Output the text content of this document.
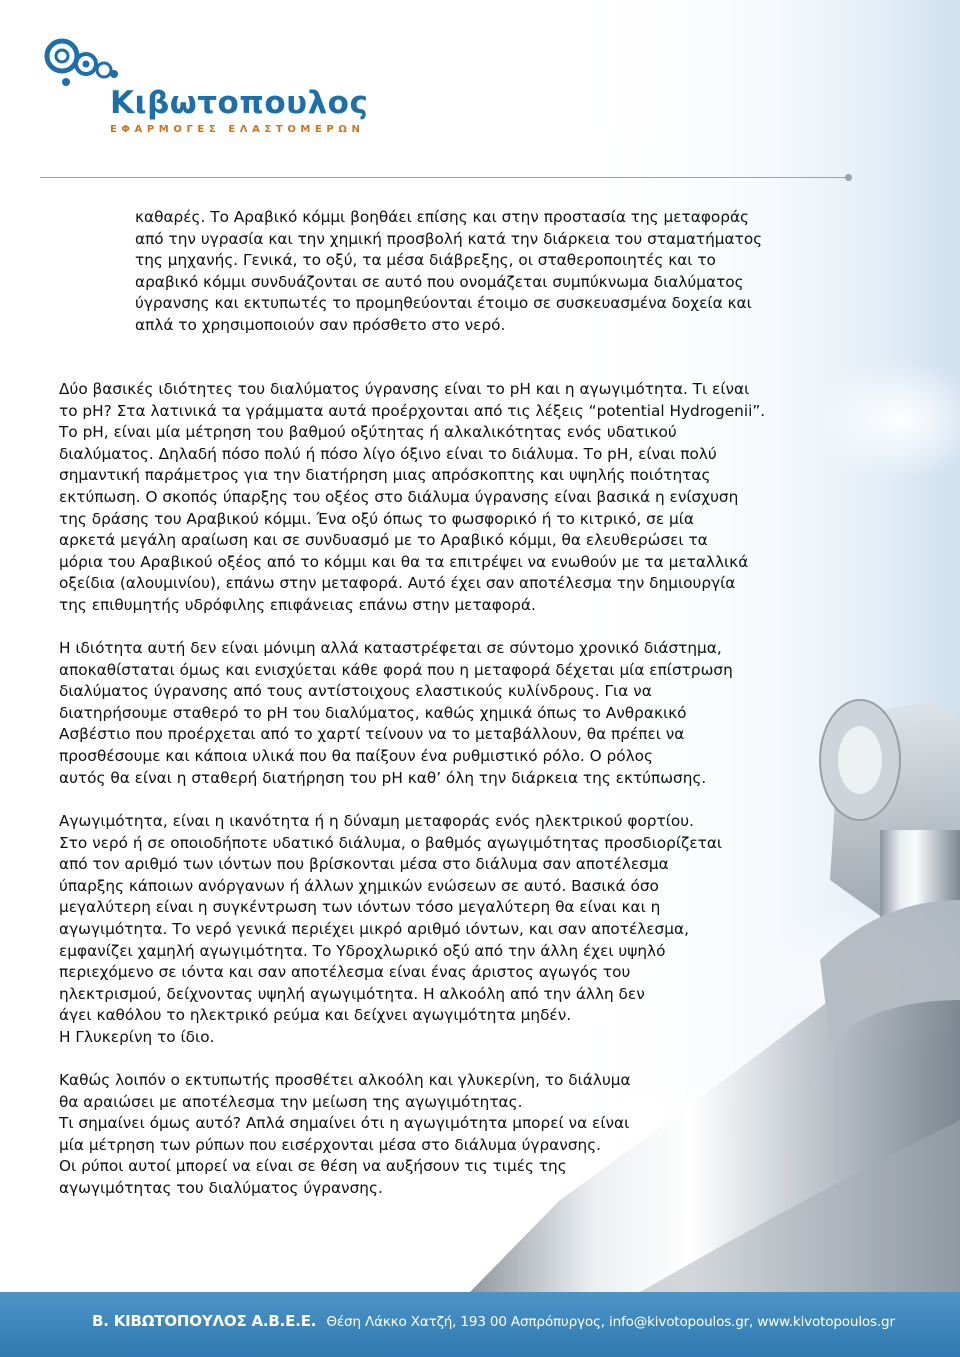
Κιβωτοπουλος
ΕΦΑΡΜΟΓΕΣ ΕΛΑΣΤΟΜΕΡΩΝ

καθαρές. Το Αραβικό κόμμι βοηθάει επίσης και στην προστασία της μεταφοράς
από την υγρασία και την χημική προσβολή κατά την διάρκεια του σταματήματος
της μηχανής. Γενικά, το οξύ, τα μέσα διάβρεξης, οι σταθεροποιητές και το
αραβικό κόμμι συνδυάζονται σε αυτό που ονομάζεται συμπύκνωμα διαλύματος
ύγρανσης και εκτυπωτές το προμηθεύονται έτοιμο σε συσκευασμένα δοχεία και
απλά το χρησιμοποιούν σαν πρόσθετο στο νερό.

Δύο βασικές ιδιότητες του διαλύματος ύγρανσης είναι το pH και η αγωγιμότητα. Τι είναι
το pH? Στα λατινικά τα γράμματα αυτά προέρχονται από τις λέξεις “potential Hydrogenii”.
Το pH, είναι μία μέτρηση του βαθμού οξύτητας ή αλκαλικότητας ενός υδατικού
διαλύματος. Δηλαδή πόσο πολύ ή πόσο λίγο όξινο είναι το διάλυμα. Το pH, είναι πολύ
σημαντική παράμετρος για την διατήρηση μιας απρόσκοπτης και υψηλής ποιότητας
εκτύπωση. Ο σκοπός ύπαρξης του οξέος στο διάλυμα ύγρανσης είναι βασικά η ενίσχυση
της δράσης του Αραβικού κόμμι. Ένα οξύ όπως το φωσφορικό ή το κιτρικό, σε μία
αρκετά μεγάλη αραίωση και σε συνδυασμό με το Αραβικό κόμμι, θα ελευθερώσει τα
μόρια του Αραβικού οξέος από το κόμμι και θα τα επιτρέψει να ενωθούν με τα μεταλλικά
οξείδια (αλουμινίου), επάνω στην μεταφορά. Αυτό έχει σαν αποτέλεσμα την δημιουργία
της επιθυμητής υδρόφιλης επιφάνειας επάνω στην μεταφορά.

Η ιδιότητα αυτή δεν είναι μόνιμη αλλά καταστρέφεται σε σύντομο χρονικό διάστημα,
αποκαθίσταται όμως και ενισχύεται κάθε φορά που η μεταφορά δέχεται μία επίστρωση
διαλύματος ύγρανσης από τους αντίστοιχους ελαστικούς κυλίνδρους. Για να
διατηρήσουμε σταθερό το pH του διαλύματος, καθώς χημικά όπως το Ανθρακικό
Ασβέστιο που προέρχεται από το χαρτί τείνουν να το μεταβάλλουν, θα πρέπει να
προσθέσουμε και κάποια υλικά που θα παίξουν ένα ρυθμιστικό ρόλο. Ο ρόλος
αυτός θα είναι η σταθερή διατήρηση του pH καθ’ όλη την διάρκεια της εκτύπωσης.

Αγωγιμότητα, είναι η ικανότητα ή η δύναμη μεταφοράς ενός ηλεκτρικού φορτίου.
Στο νερό ή σε οποιοδήποτε υδατικό διάλυμα, ο βαθμός αγωγιμότητας προσδιορίζεται
από τον αριθμό των ιόντων που βρίσκονται μέσα στο διάλυμα σαν αποτέλεσμα
ύπαρξης κάποιων ανόργανων ή άλλων χημικών ενώσεων σε αυτό. Βασικά όσο
μεγαλύτερη είναι η συγκέντρωση των ιόντων τόσο μεγαλύτερη θα είναι και η
αγωγιμότητα. Το νερό γενικά περιέχει μικρό αριθμό ιόντων, και σαν αποτέλεσμα,
εμφανίζει χαμηλή αγωγιμότητα. Το Υδροχλωρικό οξύ από την άλλη έχει υψηλό
περιεχόμενο σε ιόντα και σαν αποτέλεσμα είναι ένας άριστος αγωγός του
ηλεκτρισμού, δείχνοντας υψηλή αγωγιμότητα. Η αλκοόλη από την άλλη δεν
άγει καθόλου το ηλεκτρικό ρεύμα και δείχνει αγωγιμότητα μηδέν.
Η Γλυκερίνη το ίδιο.

Καθώς λοιπόν ο εκτυπωτής προσθέτει αλκοόλη και γλυκερίνη, το διάλυμα
θα αραιώσει με αποτέλεσμα την μείωση της αγωγιμότητας.
Τι σημαίνει όμως αυτό? Απλά σημαίνει ότι η αγωγιμότητα μπορεί να είναι
μία μέτρηση των ρύπων που εισέρχονται μέσα στο διάλυμα ύγρανσης.
Οι ρύποι αυτοί μπορεί να είναι σε θέση να αυξήσουν τις τιμές της
αγωγιμότητας του διαλύματος ύγρανσης.

Β. ΚΙΒΩΤΟΠΟΥΛΟΣ Α.Β.Ε.Ε. Θέση Λάκκο Χατζή, 193 00 Ασπρόπυργος, info@kivotopoulos.gr, www.kivotopoulos.gr
